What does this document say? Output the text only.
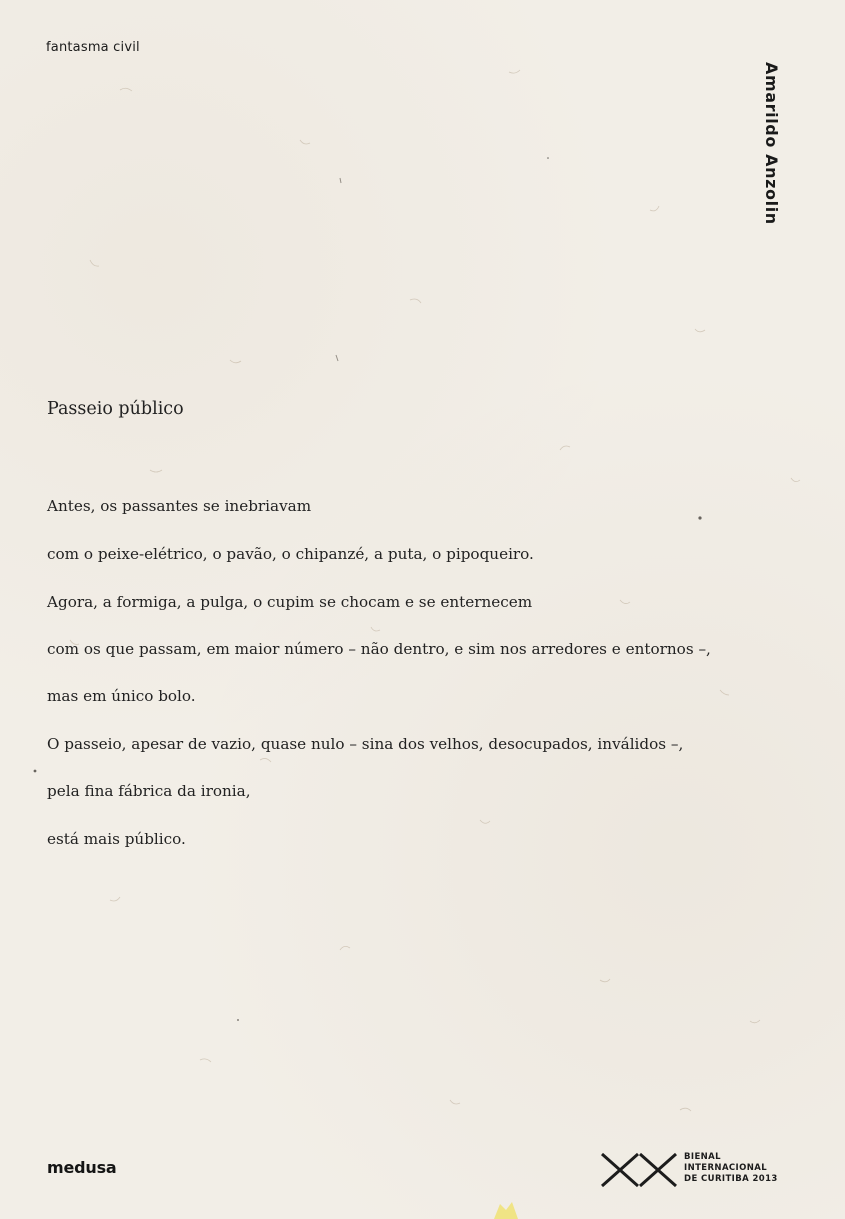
fantasma civil
Amarildo Anzolin
Passeio público
Antes, os passantes se inebriavam
com o peixe-elétrico, o pavão, o chipanzé, a puta, o pipoqueiro.
Agora, a formiga, a pulga, o cupim se chocam e se enternecem
com os que passam, em maior número – não dentro, e sim nos arredores e entornos –,
mas em único bolo.
O passeio, apesar de vazio, quase nulo – sina dos velhos, desocupados, inválidos –,
pela fina fábrica da ironia,
está mais público.
medusa
BIENAL
INTERNACIONAL
DE CURITIBA 2013
